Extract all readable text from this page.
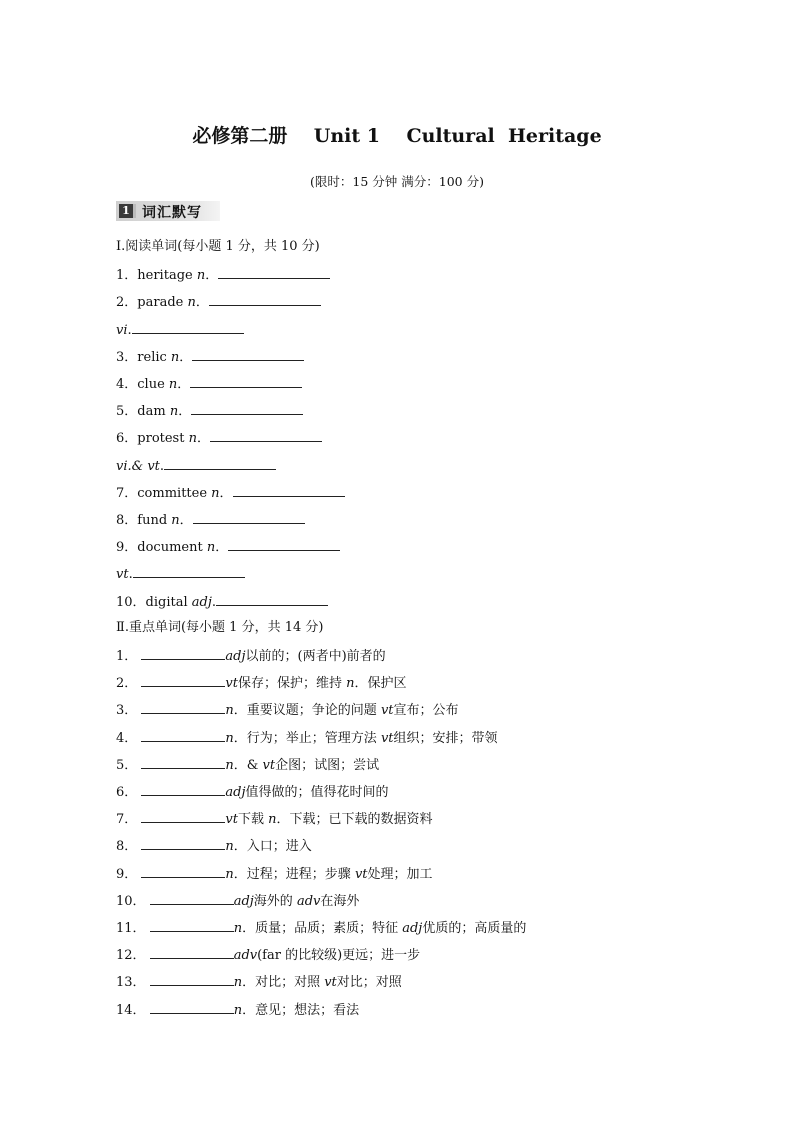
必修第二册    Unit 1    Cultural  Heritage
(限时：15 分钟 满分：100 分)
1 词汇默写
Ⅰ.阅读单词(每小题 1 分，共 10 分)
1．heritage n．
2．parade n．
vi.
3．relic n．
4．clue n．
5．dam n．
6．protest n．
vi.& vt.
7．committee n．
8．fund n．
9．document n．
vt.
10．digital adj.
Ⅱ.重点单词(每小题 1 分，共 14 分)
1．	adj以前的；(两者中)前者的
2．	vt保存；保护；维持 n．保护区
3．	n．重要议题；争论的问题 vt宣布；公布
4．	n．行为；举止；管理方法 vt组织；安排；带领
5．	n．& vt企图；试图；尝试
6．	adj值得做的；值得花时间的
7．	vt下载 n．下载；已下载的数据资料
8．	n．入口；进入
9．	n．过程；进程；步骤 vt处理；加工
10．	adj海外的 adv在海外
11．	n．质量；品质；素质；特征 adj优质的；高质量的
12．	adv(far 的比较级)更远；进一步
13．	n．对比；对照 vt对比；对照
14．	n．意见；想法；看法
